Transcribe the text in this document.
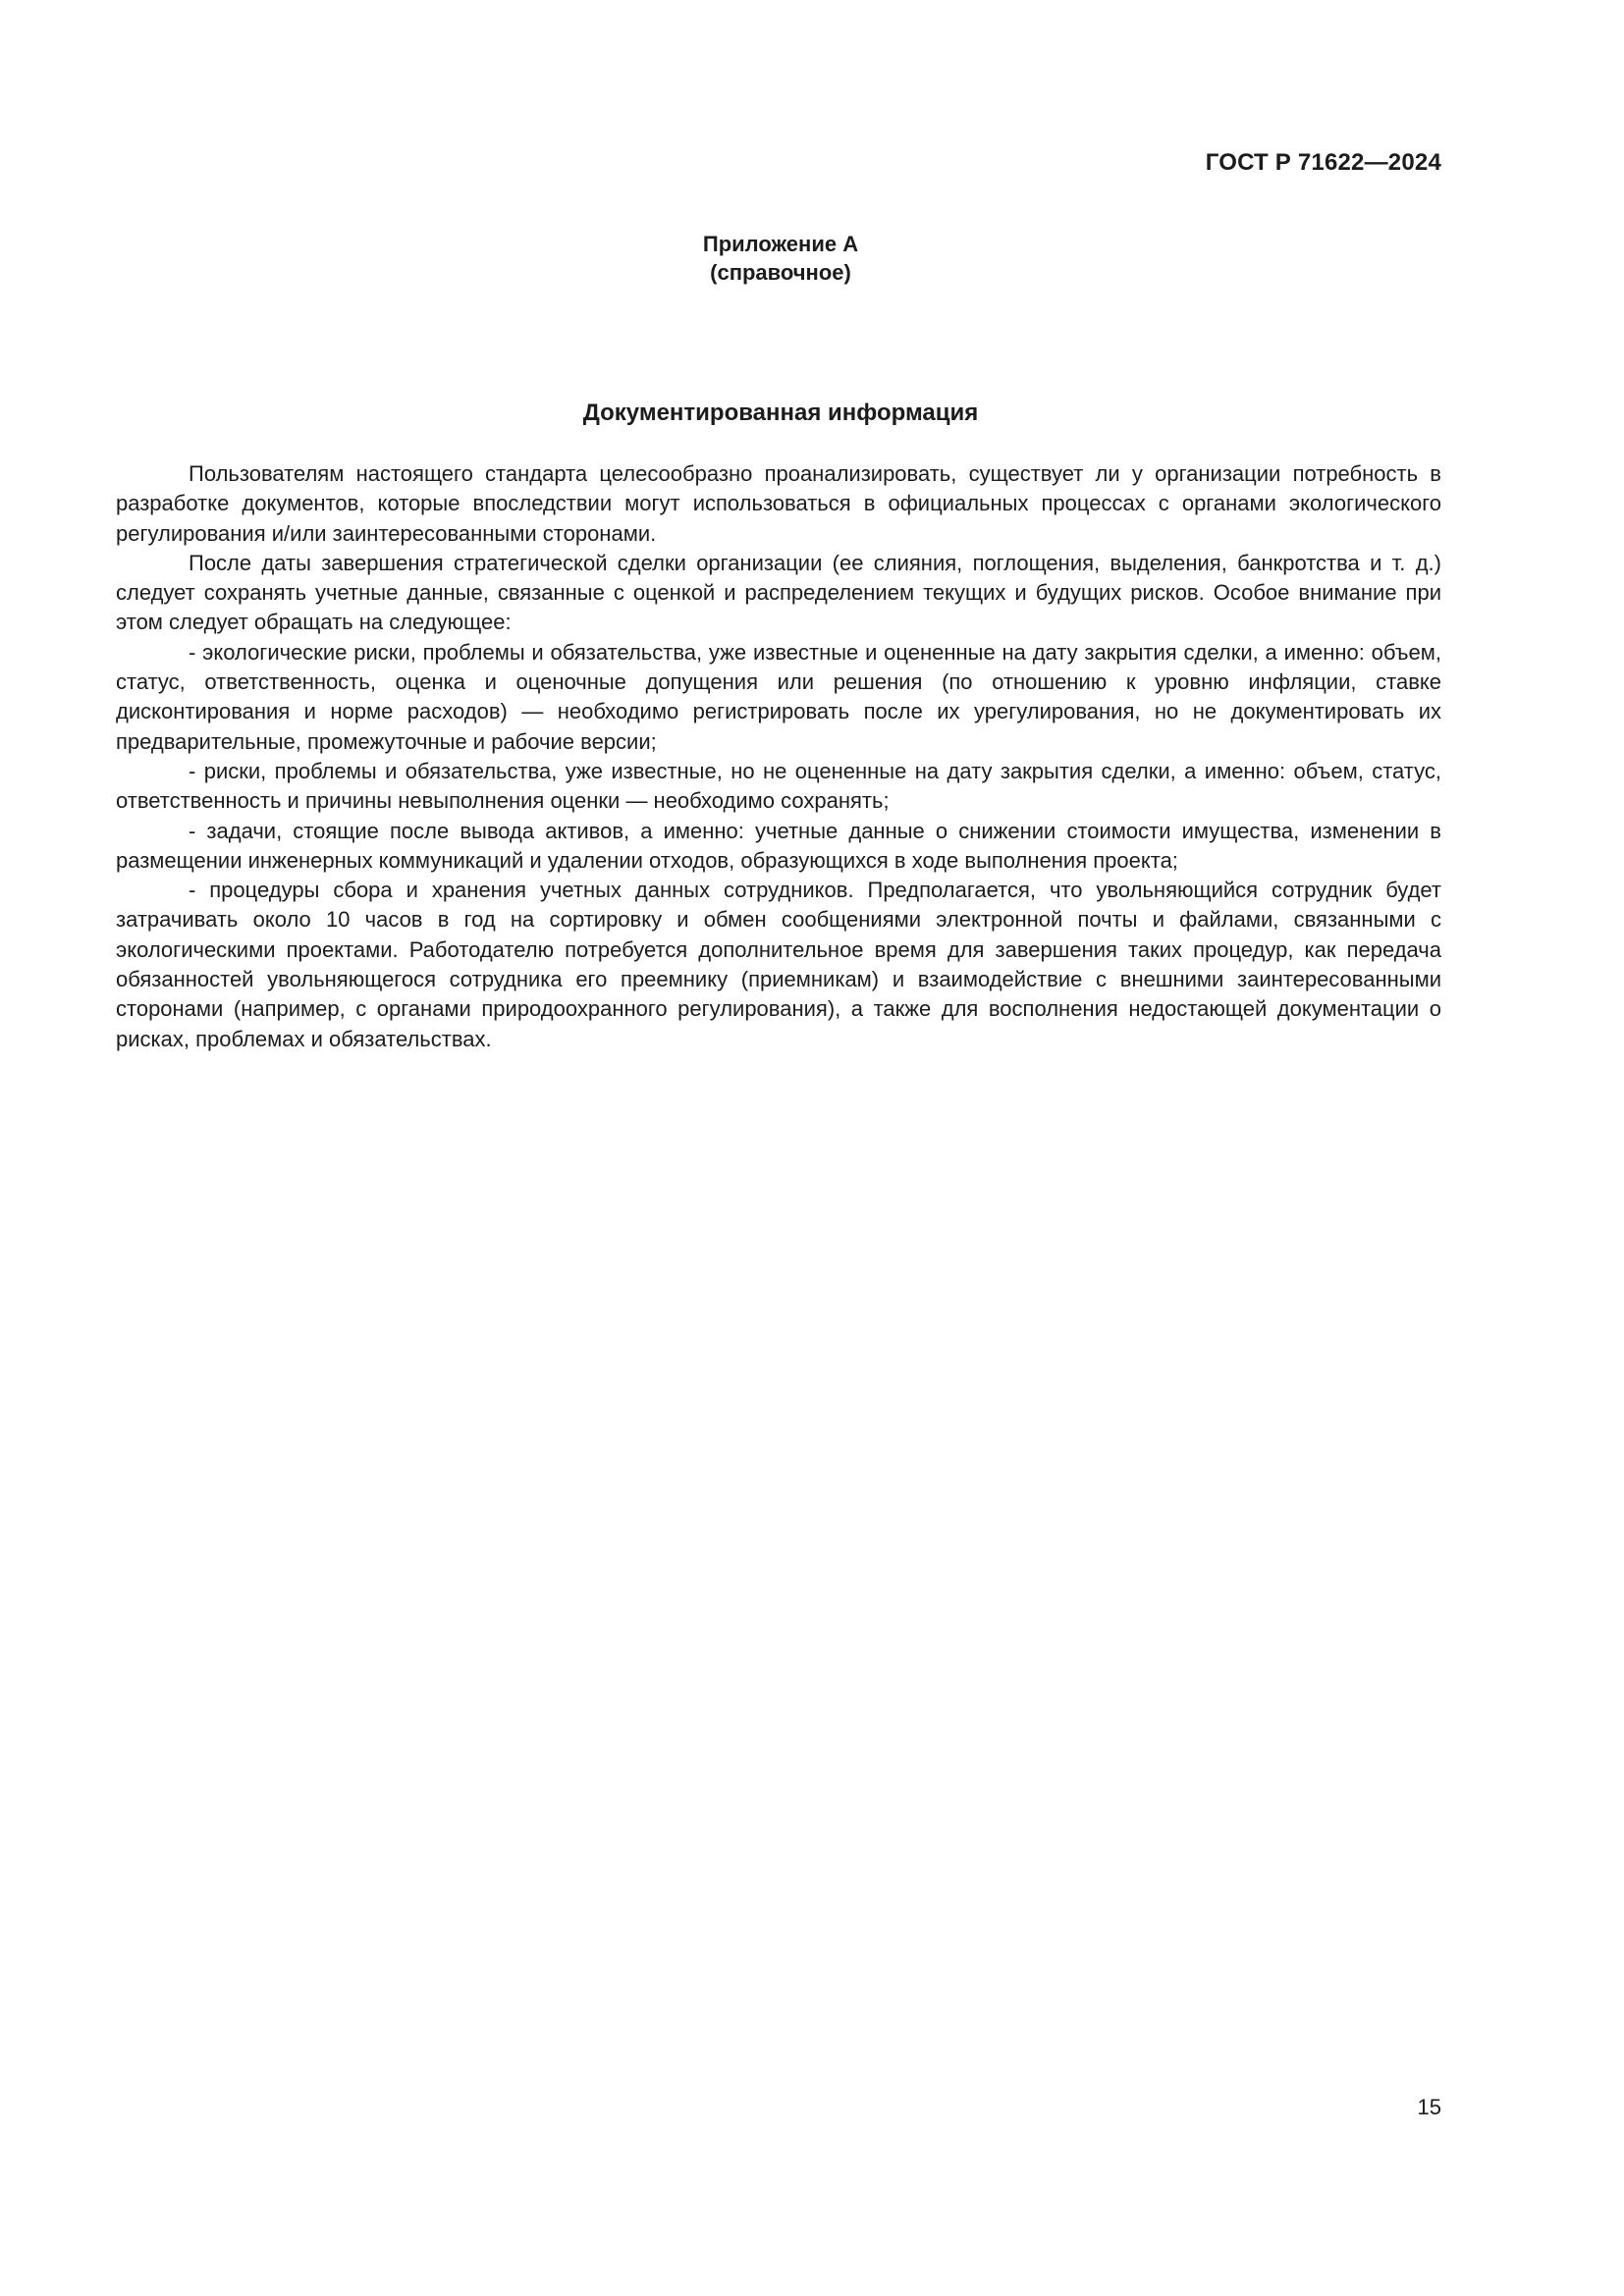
ГОСТ Р 71622—2024
Приложение А
(справочное)
Документированная информация

Пользователям настоящего стандарта целесообразно проанализировать, существует ли у организации потребность в разработке документов, которые впоследствии могут использоваться в официальных процессах с органами экологического регулирования и/или заинтересованными сторонами.

После даты завершения стратегической сделки организации (ее слияния, поглощения, выделения, банкротства и т. д.) следует сохранять учетные данные, связанные с оценкой и распределением текущих и будущих рисков. Особое внимание при этом следует обращать на следующее:

- экологические риски, проблемы и обязательства, уже известные и оцененные на дату закрытия сделки, а именно: объем, статус, ответственность, оценка и оценочные допущения или решения (по отношению к уровню инфляции, ставке дисконтирования и норме расходов) — необходимо регистрировать после их урегулирования, но не документировать их предварительные, промежуточные и рабочие версии;

- риски, проблемы и обязательства, уже известные, но не оцененные на дату закрытия сделки, а именно: объем, статус, ответственность и причины невыполнения оценки — необходимо сохранять;

- задачи, стоящие после вывода активов, а именно: учетные данные о снижении стоимости имущества, изменении в размещении инженерных коммуникаций и удалении отходов, образующихся в ходе выполнения проекта;

- процедуры сбора и хранения учетных данных сотрудников. Предполагается, что увольняющийся сотрудник будет затрачивать около 10 часов в год на сортировку и обмен сообщениями электронной почты и файлами, связанными с экологическими проектами. Работодателю потребуется дополнительное время для завершения таких процедур, как передача обязанностей увольняющегося сотрудника его преемнику (приемникам) и взаимодействие с внешними заинтересованными сторонами (например, с органами природоохранного регулирования), а также для восполнения недостающей документации о рисках, проблемах и обязательствах.

15
